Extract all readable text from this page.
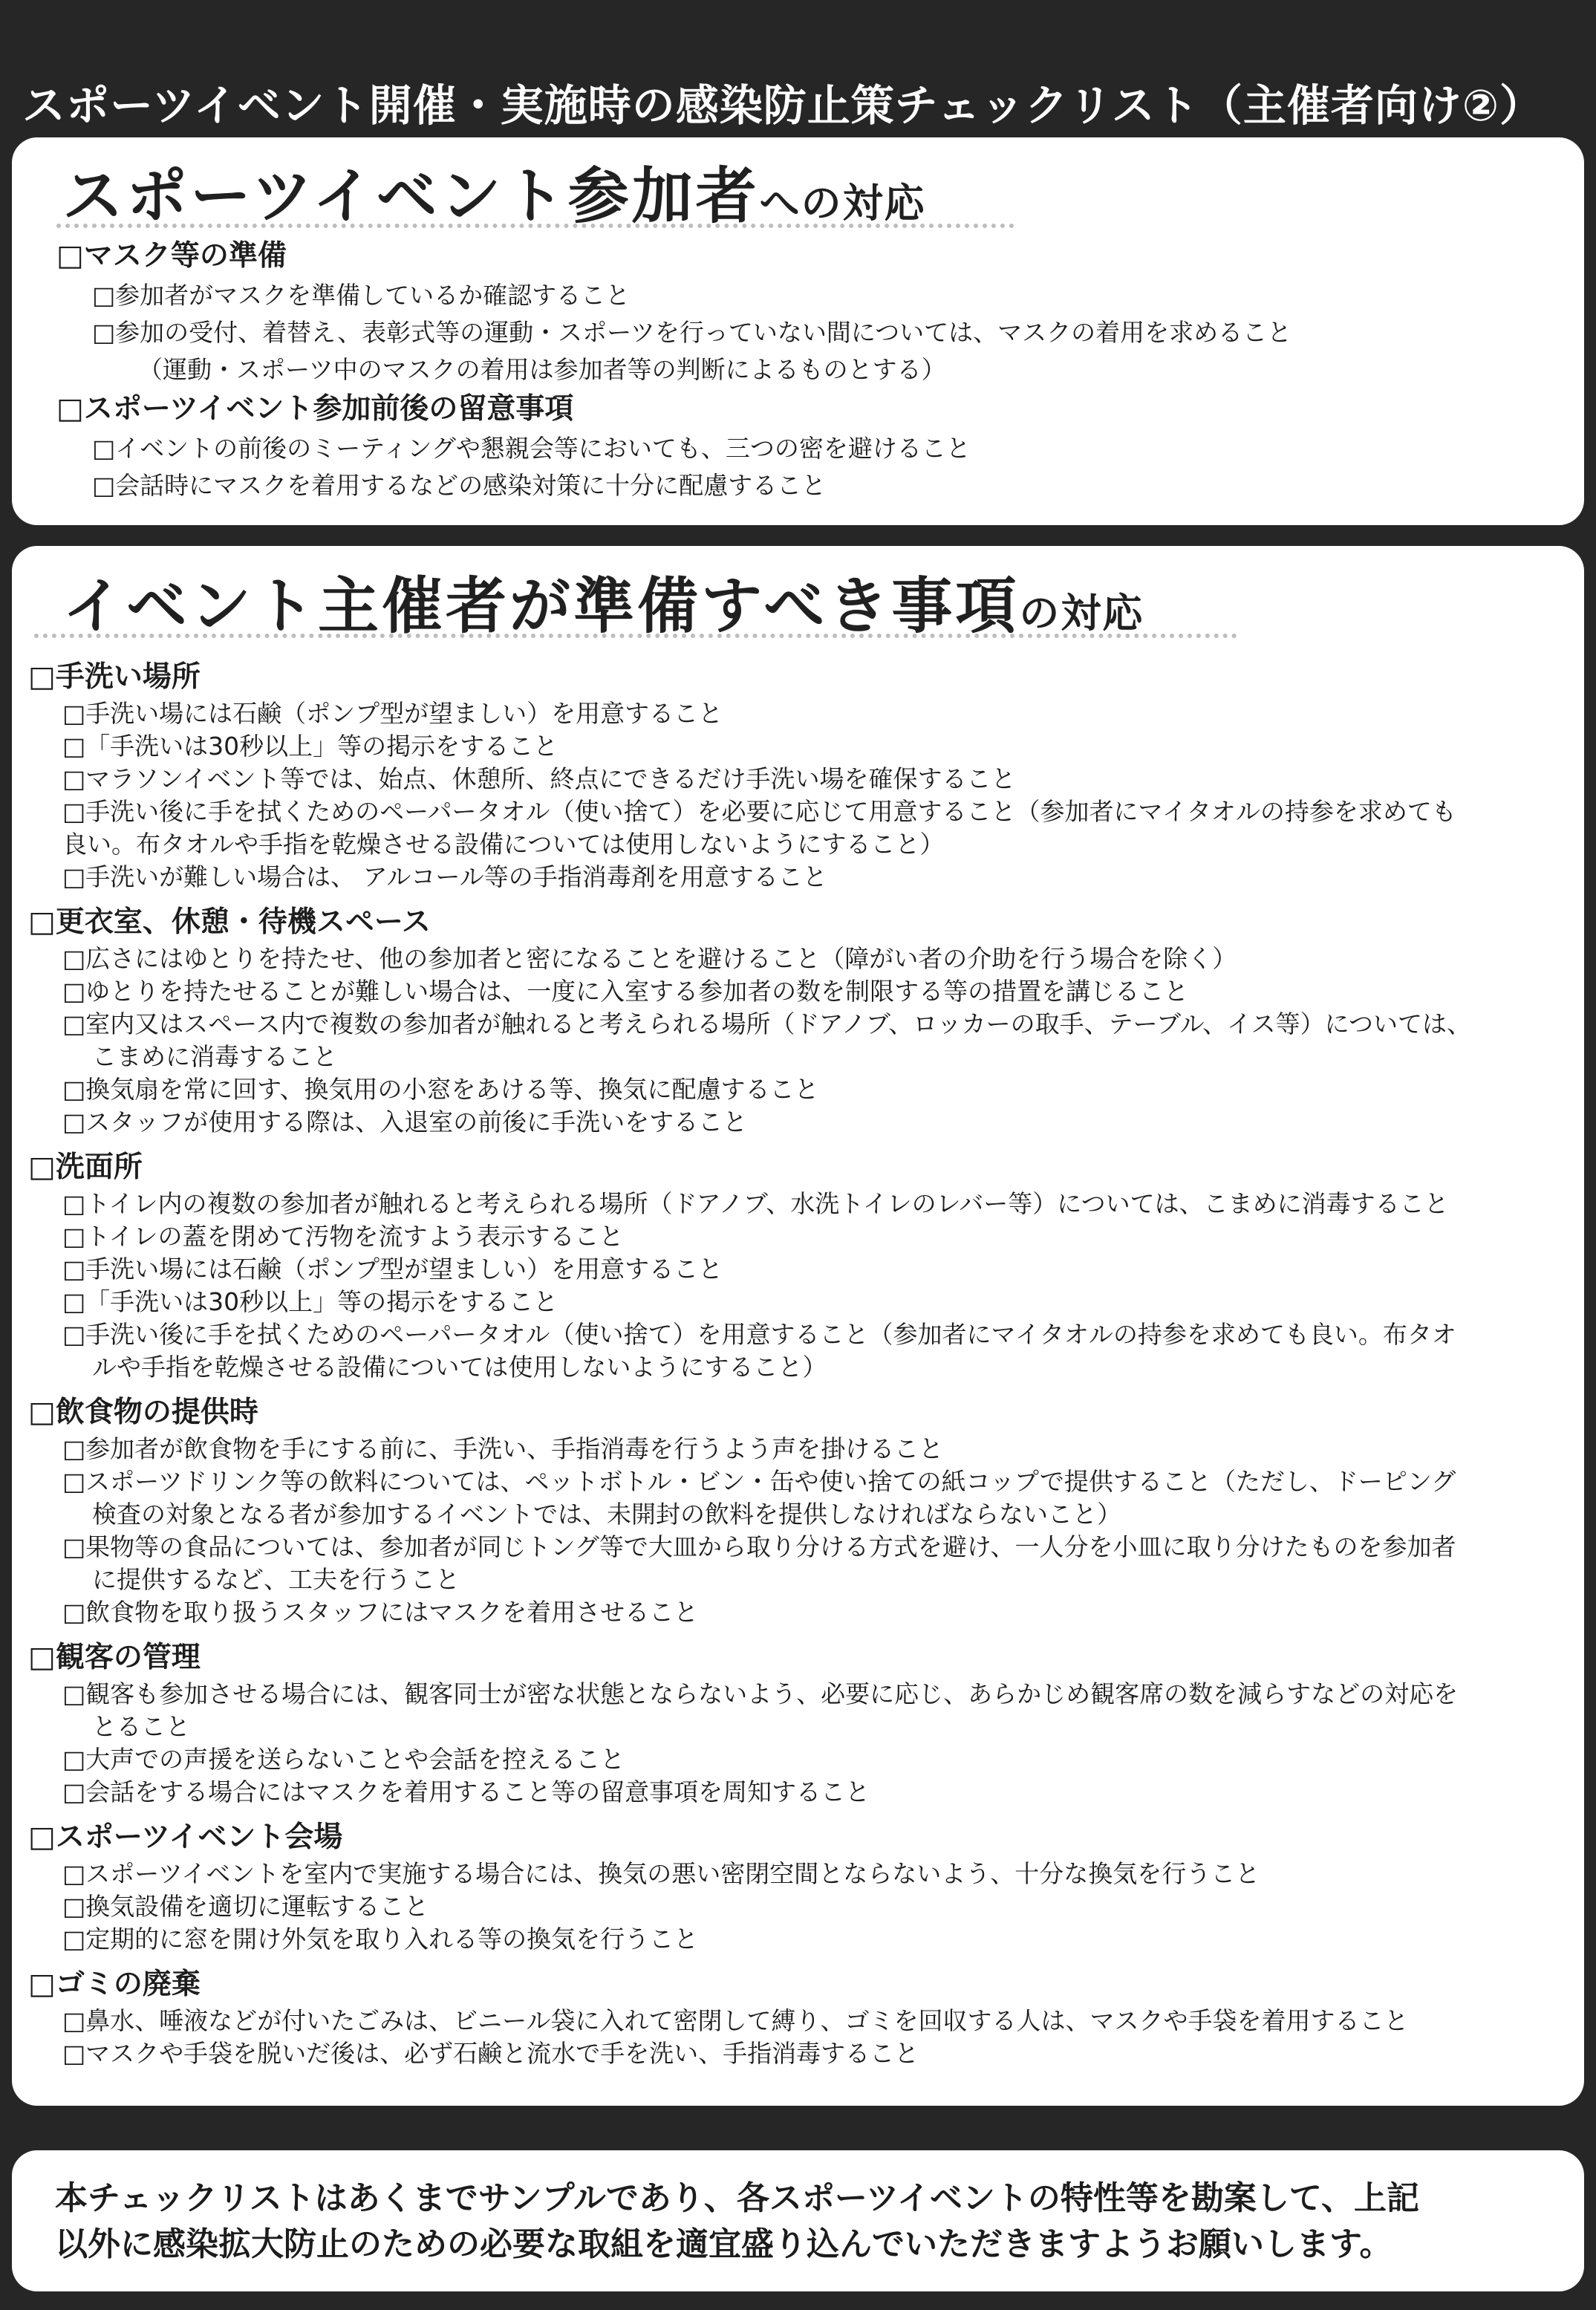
スポーツイベント開催・実施時の感染防止策チェックリスト（主催者向け②）
スポーツイベント参加者への対応
□マスク等の準備
□参加者がマスクを準備しているか確認すること
□参加の受付、着替え、表彰式等の運動・スポーツを行っていない間については、マスクの着用を求めること
（運動・スポーツ中のマスクの着用は参加者等の判断によるものとする）
□スポーツイベント参加前後の留意事項
□イベントの前後のミーティングや懇親会等においても、三つの密を避けること
□会話時にマスクを着用するなどの感染対策に十分に配慮すること
イベント主催者が準備すべき事項の対応
□手洗い場所
□手洗い場には石鹸（ポンプ型が望ましい）を用意すること
□「手洗いは30秒以上」等の掲示をすること
□マラソンイベント等では、始点、休憩所、終点にできるだけ手洗い場を確保すること
□手洗い後に手を拭くためのペーパータオル（使い捨て）を必要に応じて用意すること（参加者にマイタオルの持参を求めても
良い。布タオルや手指を乾燥させる設備については使用しないようにすること）
□手洗いが難しい場合は、 アルコール等の手指消毒剤を用意すること
□更衣室、休憩・待機スペース
□広さにはゆとりを持たせ、他の参加者と密になることを避けること（障がい者の介助を行う場合を除く）
□ゆとりを持たせることが難しい場合は、一度に入室する参加者の数を制限する等の措置を講じること
□室内又はスペース内で複数の参加者が触れると考えられる場所（ドアノブ、ロッカーの取手、テーブル、イス等）については、
こまめに消毒すること
□換気扇を常に回す、換気用の小窓をあける等、換気に配慮すること
□スタッフが使用する際は、入退室の前後に手洗いをすること
□洗面所
□トイレ内の複数の参加者が触れると考えられる場所（ドアノブ、水洗トイレのレバー等）については、こまめに消毒すること
□トイレの蓋を閉めて汚物を流すよう表示すること
□手洗い場には石鹸（ポンプ型が望ましい）を用意すること
□「手洗いは30秒以上」等の掲示をすること
□手洗い後に手を拭くためのペーパータオル（使い捨て）を用意すること（参加者にマイタオルの持参を求めても良い。布タオ
ルや手指を乾燥させる設備については使用しないようにすること）
□飲食物の提供時
□参加者が飲食物を手にする前に、手洗い、手指消毒を行うよう声を掛けること
□スポーツドリンク等の飲料については、ペットボトル・ビン・缶や使い捨ての紙コップで提供すること（ただし、ドーピング
検査の対象となる者が参加するイベントでは、未開封の飲料を提供しなければならないこと）
□果物等の食品については、参加者が同じトング等で大皿から取り分ける方式を避け、一人分を小皿に取り分けたものを参加者
に提供するなど、工夫を行うこと
□飲食物を取り扱うスタッフにはマスクを着用させること
□観客の管理
□観客も参加させる場合には、観客同士が密な状態とならないよう、必要に応じ、あらかじめ観客席の数を減らすなどの対応を
とること
□大声での声援を送らないことや会話を控えること
□会話をする場合にはマスクを着用すること等の留意事項を周知すること
□スポーツイベント会場
□スポーツイベントを室内で実施する場合には、換気の悪い密閉空間とならないよう、十分な換気を行うこと
□換気設備を適切に運転すること
□定期的に窓を開け外気を取り入れる等の換気を行うこと
□ゴミの廃棄
□鼻水、唾液などが付いたごみは、ビニール袋に入れて密閉して縛り、ゴミを回収する人は、マスクや手袋を着用すること
□マスクや手袋を脱いだ後は、必ず石鹸と流水で手を洗い、手指消毒すること
本チェックリストはあくまでサンプルであり、各スポーツイベントの特性等を勘案して、上記
以外に感染拡大防止のための必要な取組を適宜盛り込んでいただきますようお願いします。
